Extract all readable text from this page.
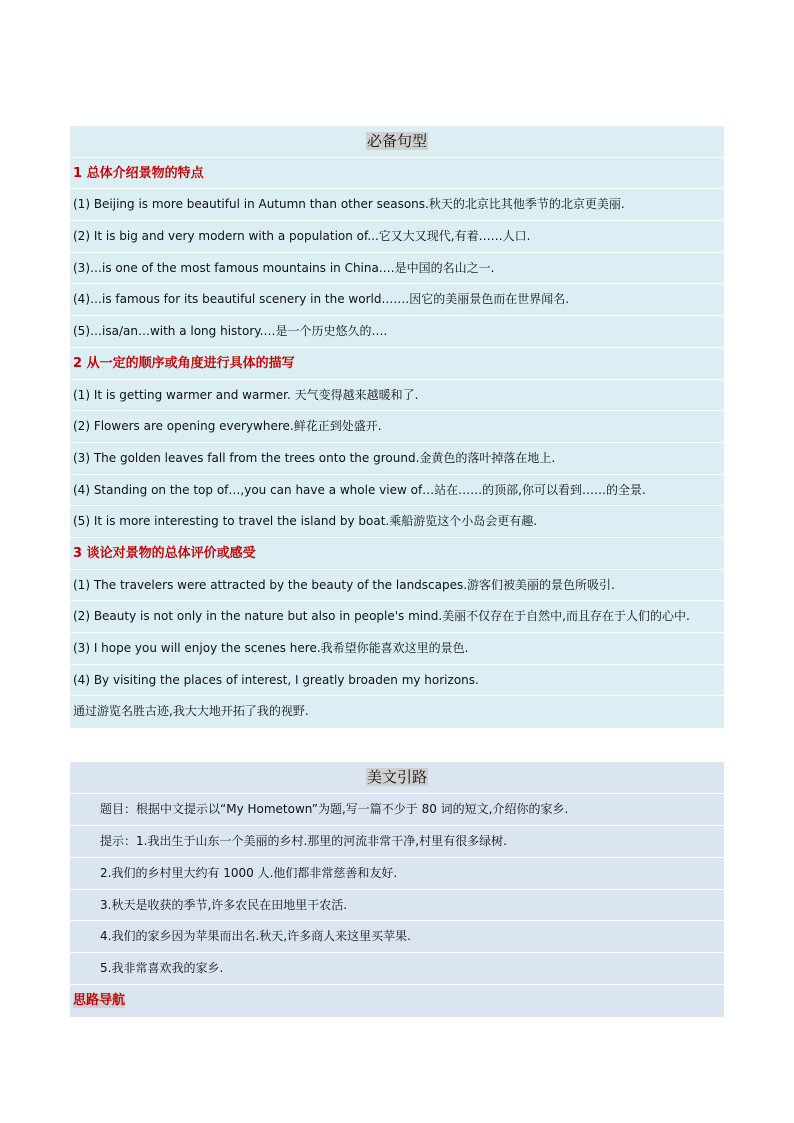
必备句型
1 总体介绍景物的特点
(1) Beijing is more beautiful in Autumn than other seasons.秋天的北京比其他季节的北京更美丽.
(2) It is big and very modern with a population of...它又大又现代,有着……人口.
(3)…is one of the most famous mountains in China.…是中国的名山之一.
(4)…is famous for its beautiful scenery in the world.……因它的美丽景色而在世界闻名.
(5)…isa/an…with a long history.…是一个历史悠久的….
2 从一定的顺序或角度进行具体的描写
(1) It is getting warmer and warmer. 天气变得越来越暖和了.
(2) Flowers are opening everywhere.鲜花正到处盛开.
(3) The golden leaves fall from the trees onto the ground.金黄色的落叶掉落在地上.
(4) Standing on the top of…,you can have a whole view of…站在……的顶部,你可以看到……的全景.
(5) It is more interesting to travel the island by boat.乘船游览这个小岛会更有趣.
3 谈论对景物的总体评价或感受
(1) The travelers were attracted by the beauty of the landscapes.游客们被美丽的景色所吸引.
(2) Beauty is not only in the nature but also in people's mind.美丽不仅存在于自然中,而且存在于人们的心中.
(3) I hope you will enjoy the scenes here.我希望你能喜欢这里的景色.
(4) By visiting the places of interest, I greatly broaden my horizons.
通过游览名胜古迹,我大大地开拓了我的视野.
美文引路
题目：根据中文提示以“My Hometown”为题,写一篇不少于 80 词的短文,介绍你的家乡.
提示：1.我出生于山东一个美丽的乡村.那里的河流非常干净,村里有很多绿树.
2.我们的乡村里大约有 1000 人.他们都非常慈善和友好.
3.秋天是收获的季节,许多农民在田地里干农活.
4.我们的家乡因为苹果而出名.秋天,许多商人来这里买苹果.
5.我非常喜欢我的家乡.
思路导航
